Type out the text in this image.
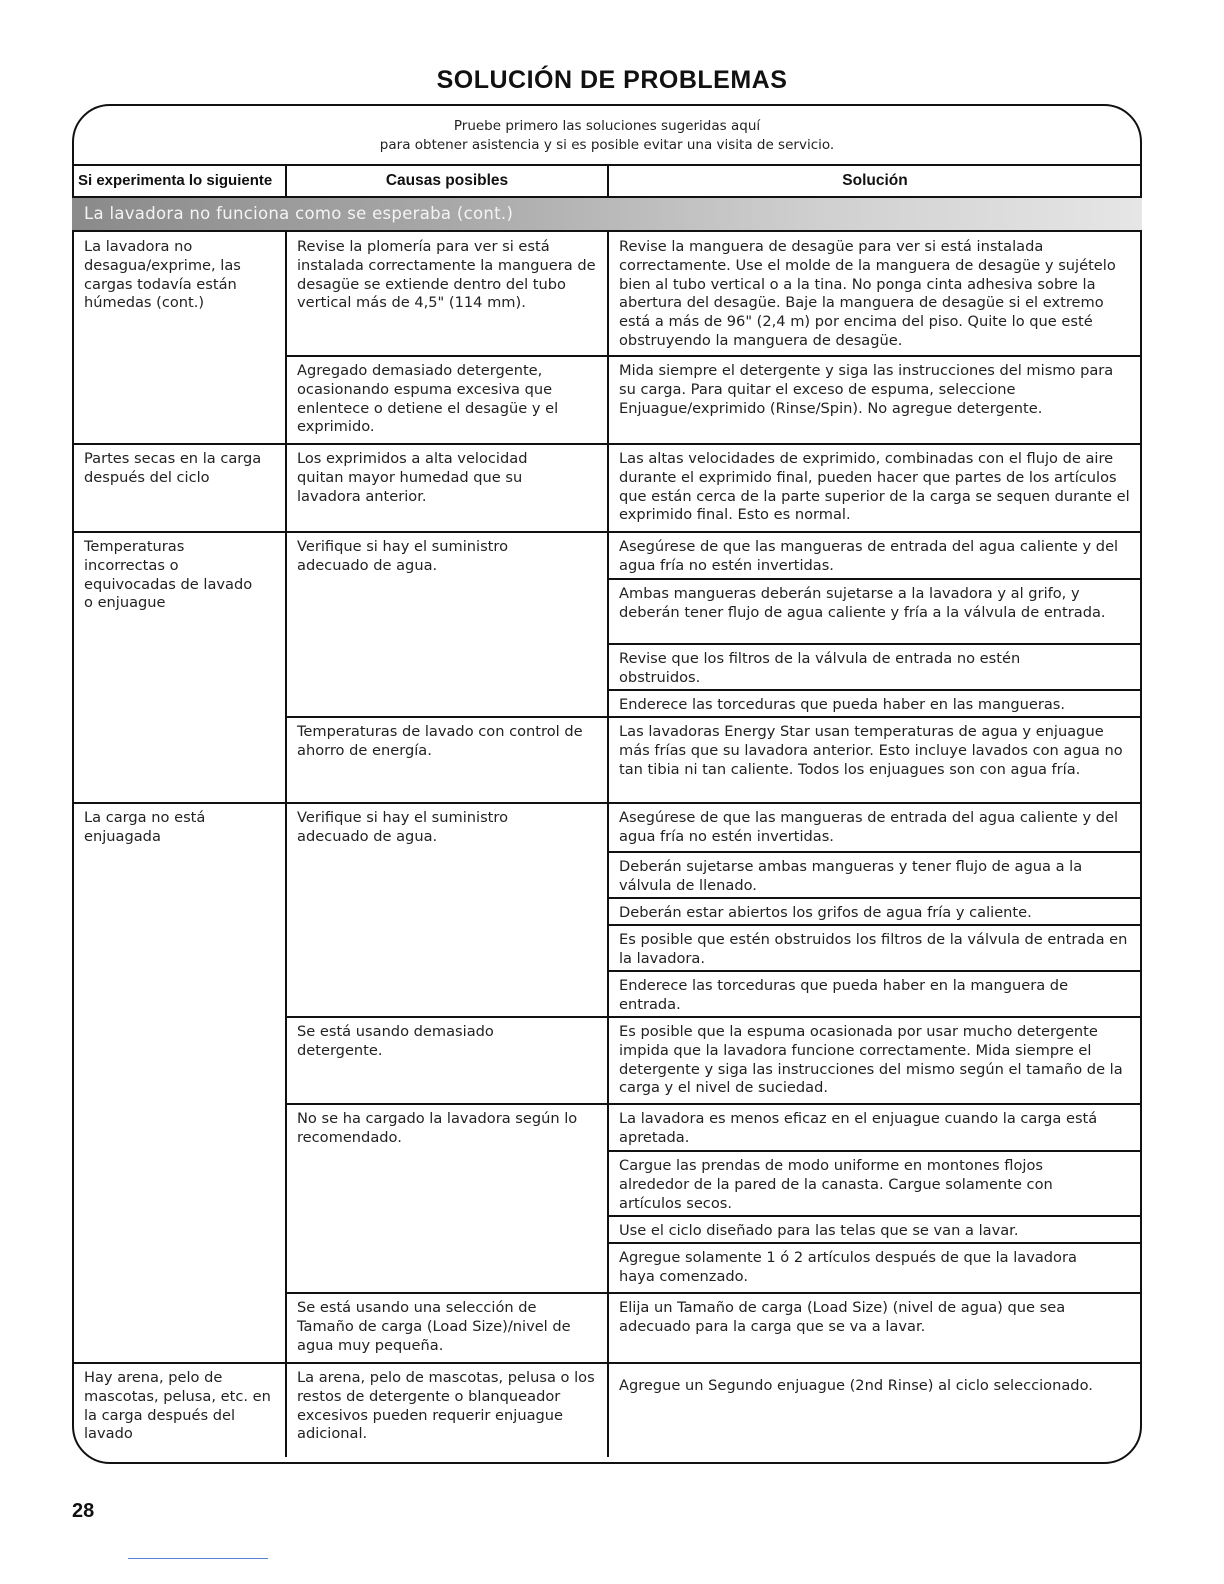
SOLUCIÓN DE PROBLEMAS
Pruebe primero las soluciones sugeridas aquí
para obtener asistencia y si es posible evitar una visita de servicio.
Si experimenta lo siguiente	Causas posibles	Solución
La lavadora no funciona como se esperaba (cont.)
La lavadora no desagua/exprime, las cargas todavía están húmedas (cont.)
Partes secas en la carga después del ciclo
Temperaturas incorrectas o equivocadas de lavado o enjuague
La carga no está enjuagada
Hay arena, pelo de mascotas, pelusa, etc. en la carga después del lavado
Revise la plomería para ver si está instalada correctamente la manguera de desagüe se extiende dentro del tubo vertical más de 4,5" (114 mm).
Agregado demasiado detergente, ocasionando espuma excesiva que enlentece o detiene el desagüe y el exprimido.
Los exprimidos a alta velocidad quitan mayor humedad que su lavadora anterior.
Verifique si hay el suministro adecuado de agua.
Temperaturas de lavado con control de ahorro de energía.
Verifique si hay el suministro adecuado de agua.
Se está usando demasiado detergente.
No se ha cargado la lavadora según lo recomendado.
Se está usando una selección de Tamaño de carga (Load Size)/nivel de agua muy pequeña.
La arena, pelo de mascotas, pelusa o los restos de detergente o blanqueador excesivos pueden requerir enjuague adicional.
Revise la manguera de desagüe para ver si está instalada correctamente. Use el molde de la manguera de desagüe y sujételo bien al tubo vertical o a la tina. No ponga cinta adhesiva sobre la abertura del desagüe. Baje la manguera de desagüe si el extremo está a más de 96" (2,4 m) por encima del piso. Quite lo que esté obstruyendo la manguera de desagüe.
Mida siempre el detergente y siga las instrucciones del mismo para su carga. Para quitar el exceso de espuma, seleccione Enjuague/exprimido (Rinse/Spin). No agregue detergente.
Las altas velocidades de exprimido, combinadas con el flujo de aire durante el exprimido final, pueden hacer que partes de los artículos que están cerca de la parte superior de la carga se sequen durante el exprimido final. Esto es normal.
Asegúrese de que las mangueras de entrada del agua caliente y del agua fría no estén invertidas.
Ambas mangueras deberán sujetarse a la lavadora y al grifo, y deberán tener flujo de agua caliente y fría a la válvula de entrada.
Revise que los filtros de la válvula de entrada no estén obstruidos.
Enderece las torceduras que pueda haber en las mangueras.
Las lavadoras Energy Star usan temperaturas de agua y enjuague más frías que su lavadora anterior. Esto incluye lavados con agua no tan tibia ni tan caliente. Todos los enjuagues son con agua fría.
Asegúrese de que las mangueras de entrada del agua caliente y del agua fría no estén invertidas.
Deberán sujetarse ambas mangueras y tener flujo de agua a la válvula de llenado.
Deberán estar abiertos los grifos de agua fría y caliente.
Es posible que estén obstruidos los filtros de la válvula de entrada en la lavadora.
Enderece las torceduras que pueda haber en la manguera de entrada.
Es posible que la espuma ocasionada por usar mucho detergente impida que la lavadora funcione correctamente. Mida siempre el detergente y siga las instrucciones del mismo según el tamaño de la carga y el nivel de suciedad.
La lavadora es menos eficaz en el enjuague cuando la carga está apretada.
Cargue las prendas de modo uniforme en montones flojos alrededor de la pared de la canasta. Cargue solamente con artículos secos.
Use el ciclo diseñado para las telas que se van a lavar.
Agregue solamente 1 ó 2 artículos después de que la lavadora haya comenzado.
Elija un Tamaño de carga (Load Size) (nivel de agua) que sea adecuado para la carga que se va a lavar.
Agregue un Segundo enjuague (2nd Rinse) al ciclo seleccionado.
28
